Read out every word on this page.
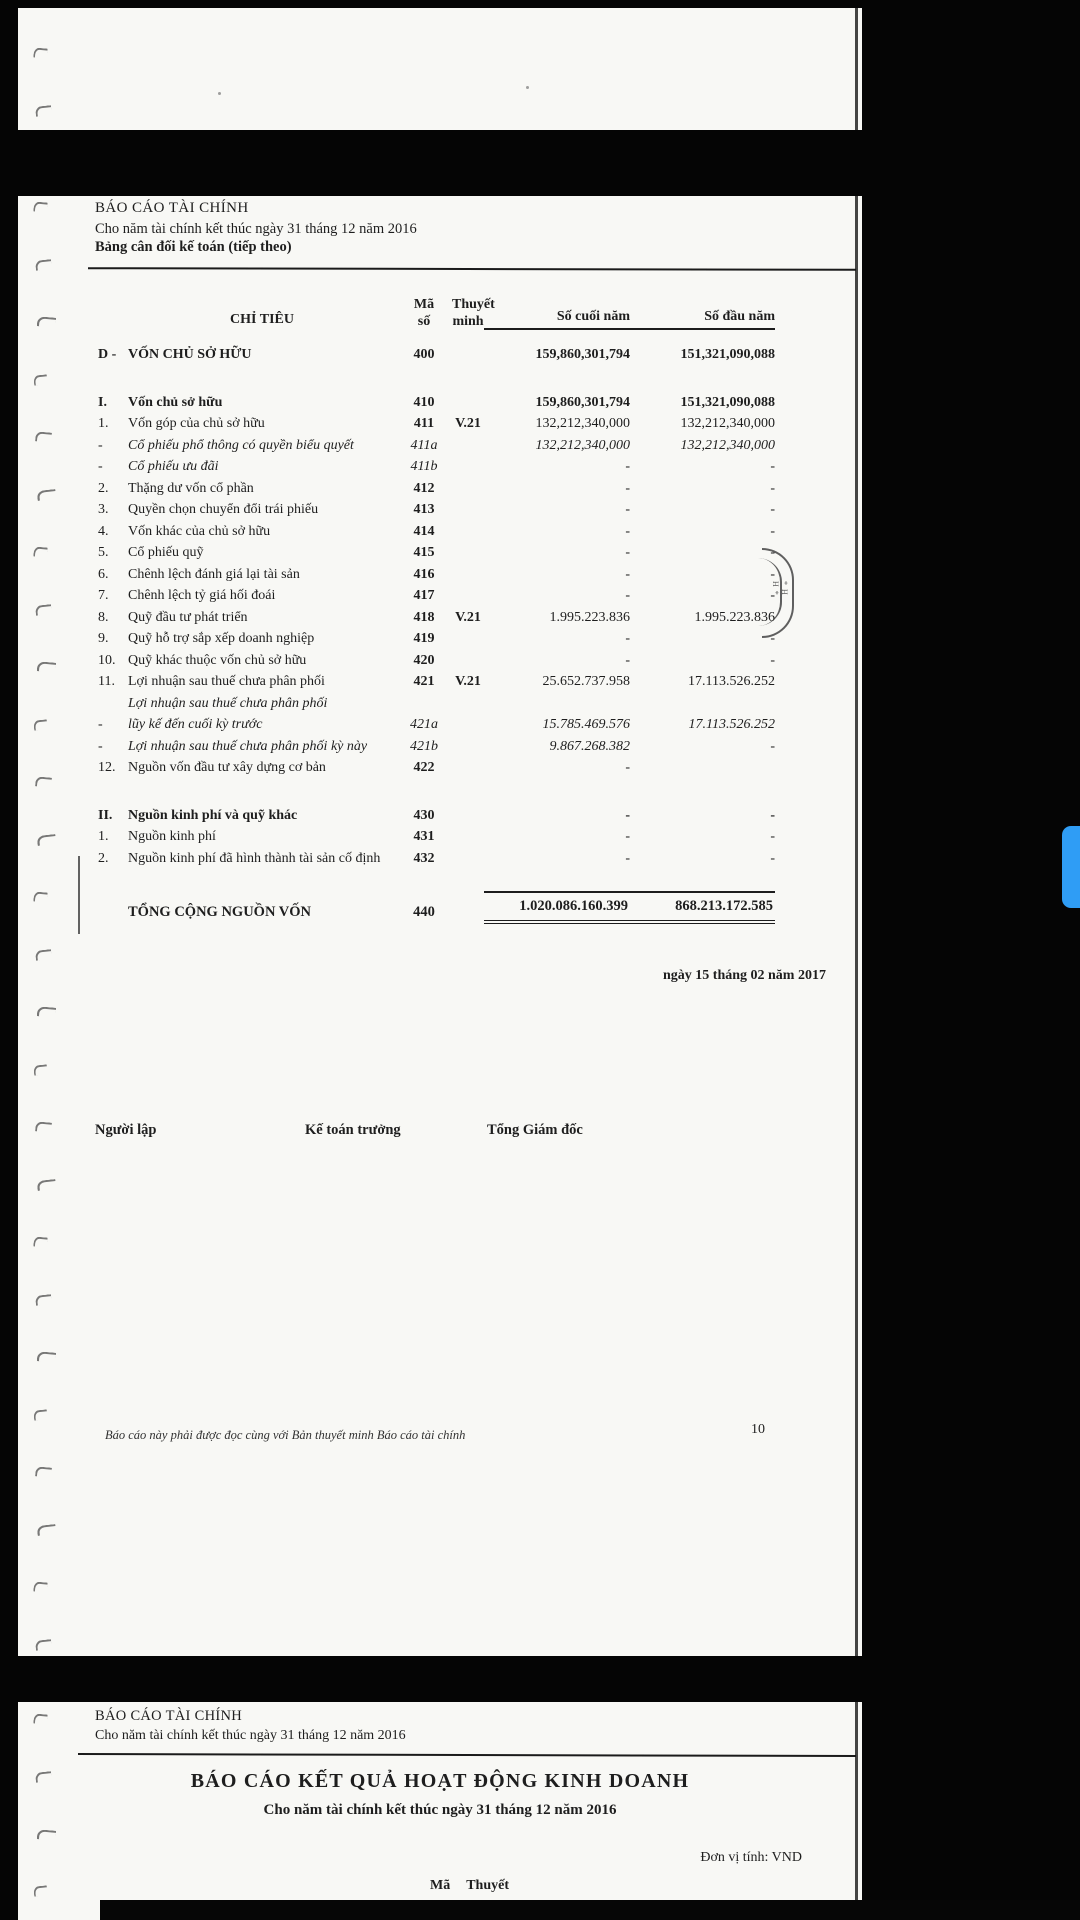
BÁO CÁO TÀI CHÍNH
Cho năm tài chính kết thúc ngày 31 tháng 12 năm 2016
Bảng cân đối kế toán (tiếp theo)
CHỈ TIÊU
Mã
số
Thuyết
minh	Số cuối năm	Số đầu năm
D - VỐN CHỦ SỞ HỮU	400	159,860,301,794	151,321,090,088
I.	Vốn chủ sở hữu	410	159,860,301,794	151,321,090,088
1.	Vốn góp của chủ sở hữu	411	V.21	132,212,340,000	132,212,340,000
-	Cổ phiếu phổ thông có quyền biểu quyết	411a	132,212,340,000	132,212,340,000
-	Cổ phiếu ưu đãi	411b	-	-
2.	Thặng dư vốn cổ phần	412	-	-
3.	Quyền chọn chuyển đổi trái phiếu	413	-	-
4.	Vốn khác của chủ sở hữu	414	-	-
5.	Cổ phiếu quỹ	415	-	-
6.	Chênh lệch đánh giá lại tài sản	416	-	-
7.	Chênh lệch tỷ giá hối đoái	417	-	-
8.	Quỹ đầu tư phát triển	418	V.21	1.995.223.836	1.995.223.836
9.	Quỹ hỗ trợ sắp xếp doanh nghiệp	419	-	-
10. Quỹ khác thuộc vốn chủ sở hữu	420	-	-
11. Lợi nhuận sau thuế chưa phân phối	421	V.21	25.652.737.958	17.113.526.252
-
Lợi nhuận sau thuế chưa phân phối
lũy kế đến cuối kỳ trước	421a	15.785.469.576	17.113.526.252
-	Lợi nhuận sau thuế chưa phân phối kỳ này	421b	9.867.268.382	-
12. Nguồn vốn đầu tư xây dựng cơ bản	422	-
II.	Nguồn kinh phí và quỹ khác	430	-	-
1.	Nguồn kinh phí	431	-	-
2.	Nguồn kinh phí đã hình thành tài sản cố định	432	-	-
TỔNG CỘNG NGUỒN VỐN	440	1.020.086.160.399	868.213.172.585
* H H *
ngày 15 tháng 02 năm 2017
Người lập	Kế toán trưởng	Tổng Giám đốc
Báo cáo này phải được đọc cùng với Bản thuyết minh Báo cáo tài chính	10
BÁO CÁO TÀI CHÍNH
Cho năm tài chính kết thúc ngày 31 tháng 12 năm 2016
BÁO CÁO KẾT QUẢ HOẠT ĐỘNG KINH DOANH
Cho năm tài chính kết thúc ngày 31 tháng 12 năm 2016
Đơn vị tính: VND
Mã Thuyết
